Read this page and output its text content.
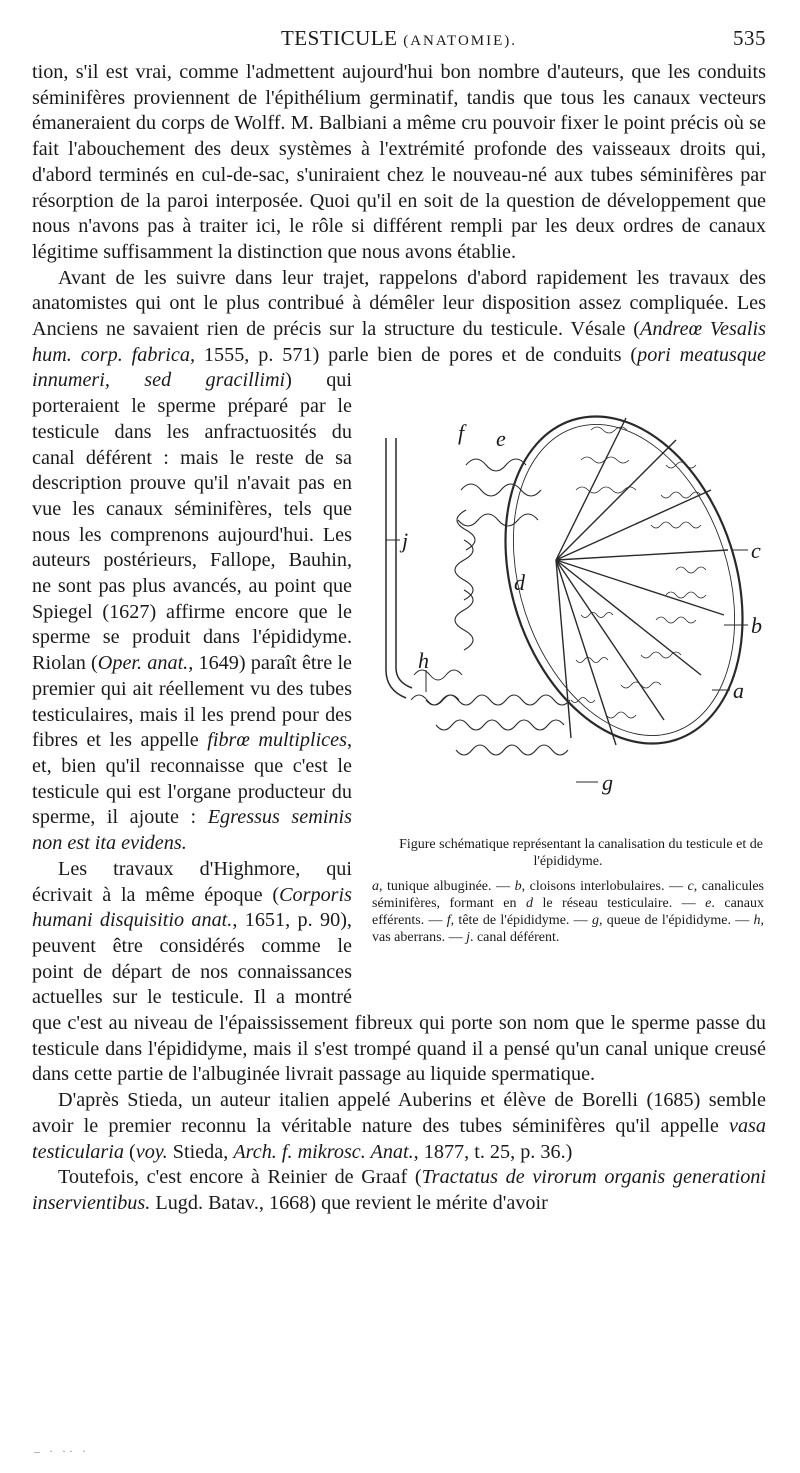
TESTICULE (ANATOMIE).	535

tion, s'il est vrai, comme l'admettent aujourd'hui bon nombre d'auteurs, que les conduits séminifères proviennent de l'épithélium germinatif, tandis que tous les canaux vecteurs émaneraient du corps de Wolff. M. Balbiani a même cru pouvoir fixer le point précis où se fait l'abouchement des deux systèmes à l'extrémité profonde des vaisseaux droits qui, d'abord terminés en cul-de-sac, s'uniraient chez le nouveau-né aux tubes séminifères par résorption de la paroi interposée. Quoi qu'il en soit de la question de développement que nous n'avons pas à traiter ici, le rôle si différent rempli par les deux ordres de canaux légitime suffisamment la distinction que nous avons établie.

Avant de les suivre dans leur trajet, rappelons d'abord rapidement les travaux des anatomistes qui ont le plus contribué à démêler leur disposition assez compliquée. Les Anciens ne savaient rien de précis sur la structure du testicule. Vésale (Andreœ Vesalis hum. corp. fabrica, 1555, p. 571) parle bien de pores et de conduits (
f e
j	c
d
b
h
a
g
Figure schématique représentant la canalisation du testicule et de l'épididyme.
a, tunique albuginée. — b, cloisons interlobulaires. — c, canalicules séminifères, formant en d le réseau testiculaire. — e. canaux efférents. — f, tête de l'épididyme. — g, queue de l'épididyme. — h, vas aberrans. — j. canal déférent.
pori meatusque innumeri, sed gracillimi) qui porteraient le sperme préparé par le testicule dans les anfractuosités du canal déférent : mais le reste de sa description prouve qu'il n'avait pas en vue les canaux séminifères, tels que nous les comprenons aujourd'hui. Les auteurs postérieurs, Fallope, Bauhin, ne sont pas plus avancés, au point que Spiegel (1627) affirme encore que le sperme se produit dans l'épididyme. Riolan (Oper. anat., 1649) paraît être le premier qui ait réellement vu des tubes testiculaires, mais il les prend pour des fibres et les appelle fibrœ multiplices, et, bien qu'il reconnaisse que c'est le testicule qui est l'organe producteur du sperme, il ajoute : Egressus seminis non est ita evidens.

Les travaux d'Highmore, qui écrivait à la même époque (Corporis humani disquisitio anat., 1651, p. 90), peuvent être considérés comme le point de départ de nos connaissances actuelles sur le testicule. Il a montré que c'est au niveau de l'épaississement fibreux qui porte son nom que le sperme passe du testicule dans l'épididyme, mais il s'est trompé quand il a pensé qu'un canal unique creusé dans cette partie de l'albuginée livrait passage au liquide spermatique.

D'après Stieda, un auteur italien appelé Auberins et élève de Borelli (1685) semble avoir le premier reconnu la véritable nature des tubes séminifères qu'il appelle vasa testicularia (voy. Stieda, Arch. f. mikrosc. Anat., 1877, t. 25, p. 36.)

Toutefois, c'est encore à Reinier de Graaf (Tractatus de virorum organis generationi inservientibus. Lugd. Batav., 1668) que revient le mérite d'avoir

– · ·· ·
